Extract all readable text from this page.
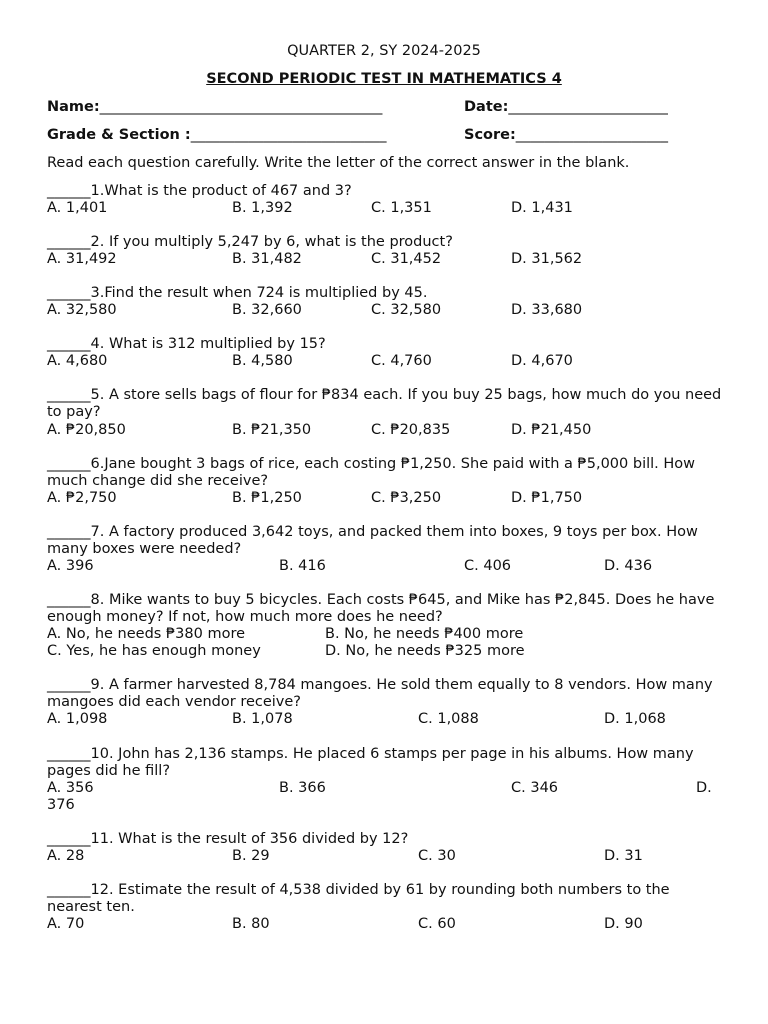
QUARTER 2, SY 2024-2025
SECOND PERIODIC TEST IN MATHEMATICS 4
Name:_______________________________________	Date:______________________
Grade & Section :___________________________	Score:_____________________
Read each question carefully. Write the letter of the correct answer in the blank.
______1.What is the product of 467 and 3?
A. 1,401	B. 1,392	C. 1,351	D. 1,431
______2. If you multiply 5,247 by 6, what is the product?
A. 31,492	B. 31,482	C. 31,452	D. 31,562
______3.Find the result when 724 is multiplied by 45.
A. 32,580	B. 32,660	C. 32,580	D. 33,680
______4. What is 312 multiplied by 15?
A. 4,680	B. 4,580	C. 4,760	D. 4,670
______5. A store sells bags of flour for ₱834 each. If you buy 25 bags, how much do you need to pay?
A. ₱20,850	B. ₱21,350	C. ₱20,835	D. ₱21,450
______6.Jane bought 3 bags of rice, each costing ₱1,250. She paid with a ₱5,000 bill. How much change did she receive?
A. ₱2,750	B. ₱1,250	C. ₱3,250	D. ₱1,750
______7. A factory produced 3,642 toys, and packed them into boxes, 9 toys per box. How many boxes were needed?
A. 396	B. 416	C. 406	D. 436
______8. Mike wants to buy 5 bicycles. Each costs ₱645, and Mike has ₱2,845. Does he have enough money? If not, how much more does he need?
A. No, he needs ₱380 more	B. No, he needs ₱400 more
C. Yes, he has enough money	D. No, he needs ₱325 more
______9. A farmer harvested 8,784 mangoes. He sold them equally to 8 vendors. How many mangoes did each vendor receive?
A. 1,098	B. 1,078	C. 1,088	D. 1,068
______10. John has 2,136 stamps. He placed 6 stamps per page in his albums. How many pages did he fill?
A. 356	B. 366	C. 346	D.
376
______11. What is the result of 356 divided by 12?
A. 28	B. 29	C. 30	D. 31
______12. Estimate the result of 4,538 divided by 61 by rounding both numbers to the nearest ten.
A. 70	B. 80	C. 60	D. 90
